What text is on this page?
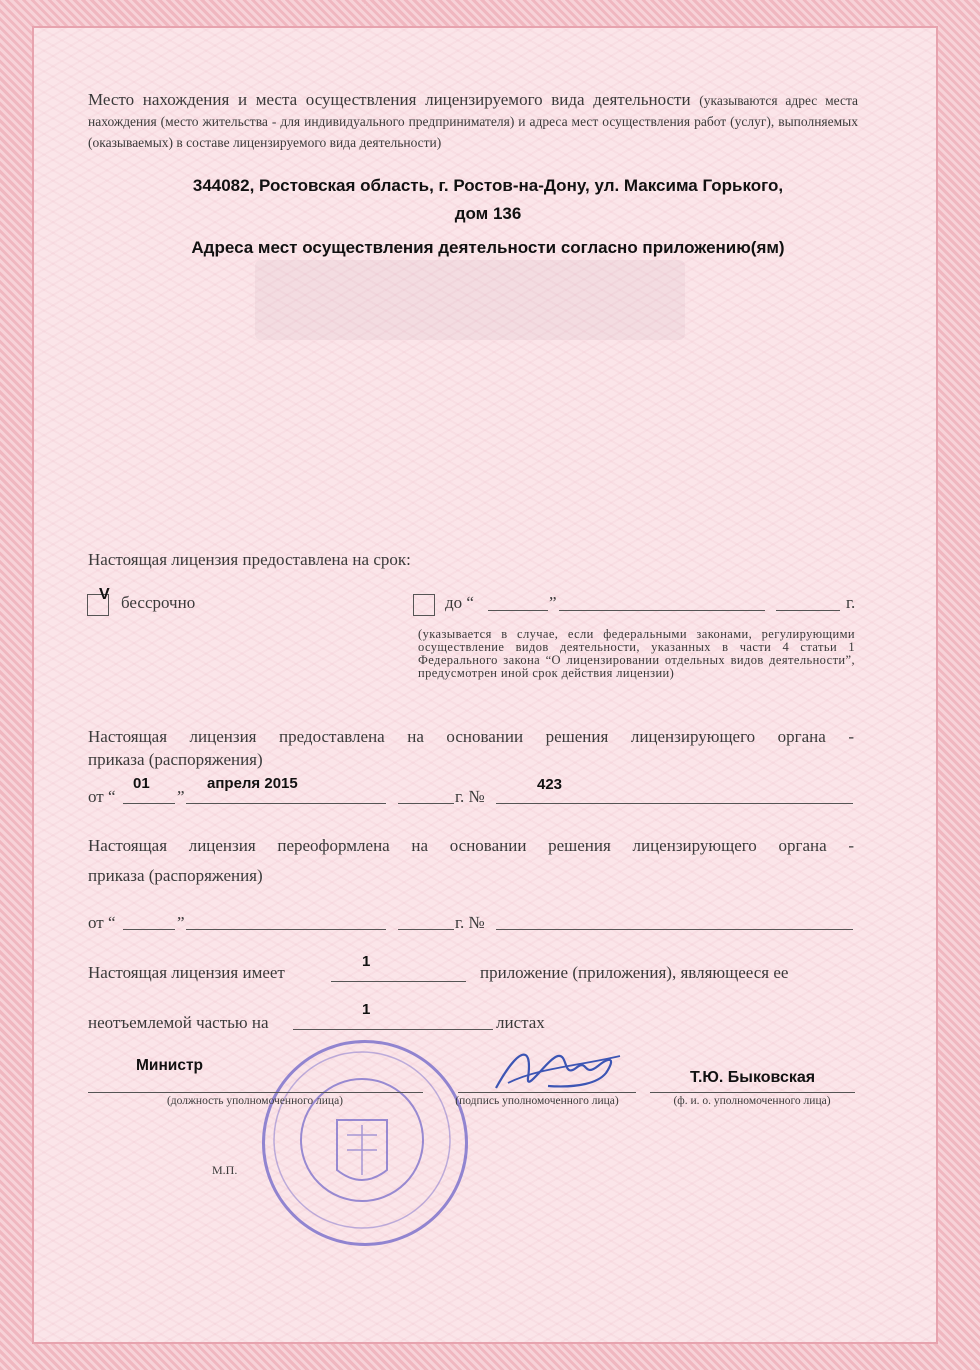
Место нахождения и места осуществления лицензируемого вида деятельности (указываются адрес места нахождения (место жительства - для индивидуального предпринимателя) и адреса мест осуществления работ (услуг), выполняемых (оказываемых) в составе лицензируемого вида деятельности)
344082, Ростовская область, г. Ростов-на-Дону, ул. Максима Горького,
дом 136
Адреса мест осуществления деятельности согласно приложению(ям)
Настоящая лицензия предоставлена на срок:
V бессрочно	до “	”	г.
(указывается в случае, если федеральными законами, регулирующими осуществление видов деятельности, указанных в части 4 статьи 1 Федерального закона “О лицензировании отдельных видов деятельности”, предусмотрен иной срок действия лицензии)
Настоящая лицензия предоставлена на основании решения лицензирующего органа -
приказа (распоряжения)
от “
01
”
апреля 2015
г. №
423
Настоящая лицензия переоформлена на основании решения лицензирующего органа -
приказа (распоряжения)
от “	”	г. №
Настоящая лицензия имеет
1
приложение (приложения), являющееся ее
неотъемлемой частью на
1
листах
Министр
(должность уполномоченного лица)	(подпись уполномоченного лица)
Т.Ю. Быковская
(ф. и. о. уполномоченного лица)
М.П.
